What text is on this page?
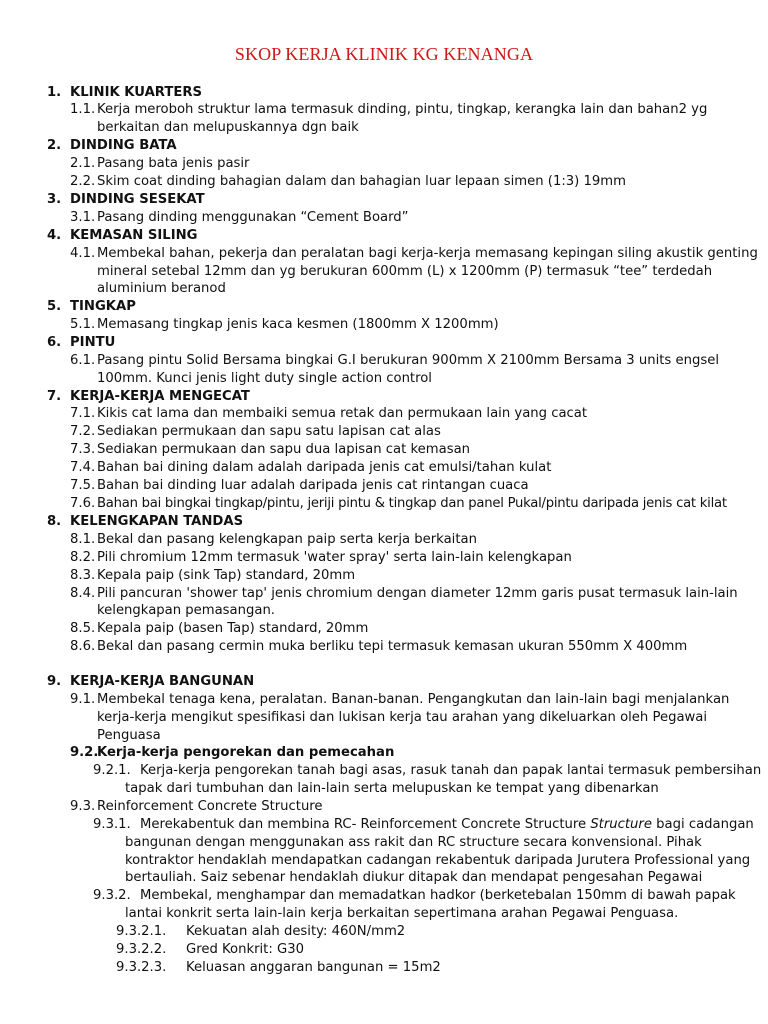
SKOP KERJA KLINIK KG KENANGA
1. KLINIK KUARTERS
1.1. Kerja meroboh struktur lama termasuk dinding, pintu, tingkap, kerangka lain dan bahan2 yg
berkaitan dan melupuskannya dgn baik
2. DINDING BATA
2.1. Pasang bata jenis pasir
2.2. Skim coat dinding bahagian dalam dan bahagian luar lepaan simen (1:3) 19mm
3. DINDING SESEKAT
3.1. Pasang dinding menggunakan “Cement Board”
4. KEMASAN SILING
4.1. Membekal bahan, pekerja dan peralatan bagi kerja-kerja memasang kepingan siling akustik genting
mineral setebal 12mm dan yg berukuran 600mm (L) x 1200mm (P) termasuk “tee” terdedah
aluminium beranod
5. TINGKAP
5.1. Memasang tingkap jenis kaca kesmen (1800mm X 1200mm)
6. PINTU
6.1. Pasang pintu Solid Bersama bingkai G.I berukuran 900mm X 2100mm Bersama 3 units engsel
100mm. Kunci jenis light duty single action control
7. KERJA-KERJA MENGECAT
7.1. Kikis cat lama dan membaiki semua retak dan permukaan lain yang cacat
7.2. Sediakan permukaan dan sapu satu lapisan cat alas
7.3. Sediakan permukaan dan sapu dua lapisan cat kemasan
7.4. Bahan bai dining dalam adalah daripada jenis cat emulsi/tahan kulat
7.5. Bahan bai dinding luar adalah daripada jenis cat rintangan cuaca
7.6. Bahan bai bingkai tingkap/pintu, jeriji pintu & tingkap dan panel Pukal/pintu daripada jenis cat kilat
8. KELENGKAPAN TANDAS
8.1. Bekal dan pasang kelengkapan paip serta kerja berkaitan
8.2. Pili chromium 12mm termasuk 'water spray' serta lain-lain kelengkapan
8.3. Kepala paip (sink Tap) standard, 20mm
8.4. Pili pancuran 'shower tap' jenis chromium dengan diameter 12mm garis pusat termasuk lain-lain
kelengkapan pemasangan.
8.5. Kepala paip (basen Tap) standard, 20mm
8.6. Bekal dan pasang cermin muka berliku tepi termasuk kemasan ukuran 550mm X 400mm
9. KERJA-KERJA BANGUNAN
9.1. Membekal tenaga kena, peralatan. Banan-banan. Pengangkutan dan lain-lain bagi menjalankan
kerja-kerja mengikut spesifikasi dan lukisan kerja tau arahan yang dikeluarkan oleh Pegawai
Penguasa
9.2.
Kerja-kerja pengorekan dan pemecahan
9.2.1. Kerja-kerja pengorekan tanah bagi asas, rasuk tanah dan papak lantai termasuk pembersihan
tapak dari tumbuhan dan lain-lain serta melupuskan ke tempat yang dibenarkan
9.3. Reinforcement Concrete Structure
9.3.1. Merekabentuk dan membina RC- Reinforcement Concrete Structure Structure bagi cadangan
bangunan dengan menggunakan ass rakit dan RC structure secara konvensional. Pihak
kontraktor hendaklah mendapatkan cadangan rekabentuk daripada Jurutera Professional yang
bertauliah. Saiz sebenar hendaklah diukur ditapak dan mendapat pengesahan Pegawai
9.3.2. Membekal, menghampar dan memadatkan hadkor (berketebalan 150mm di bawah papak
lantai konkrit serta lain-lain kerja berkaitan sepertimana arahan Pegawai Penguasa.
9.3.2.1. Kekuatan alah desity: 460N/mm2
9.3.2.2. Gred Konkrit: G30
9.3.2.3. Keluasan anggaran bangunan = 15m2
